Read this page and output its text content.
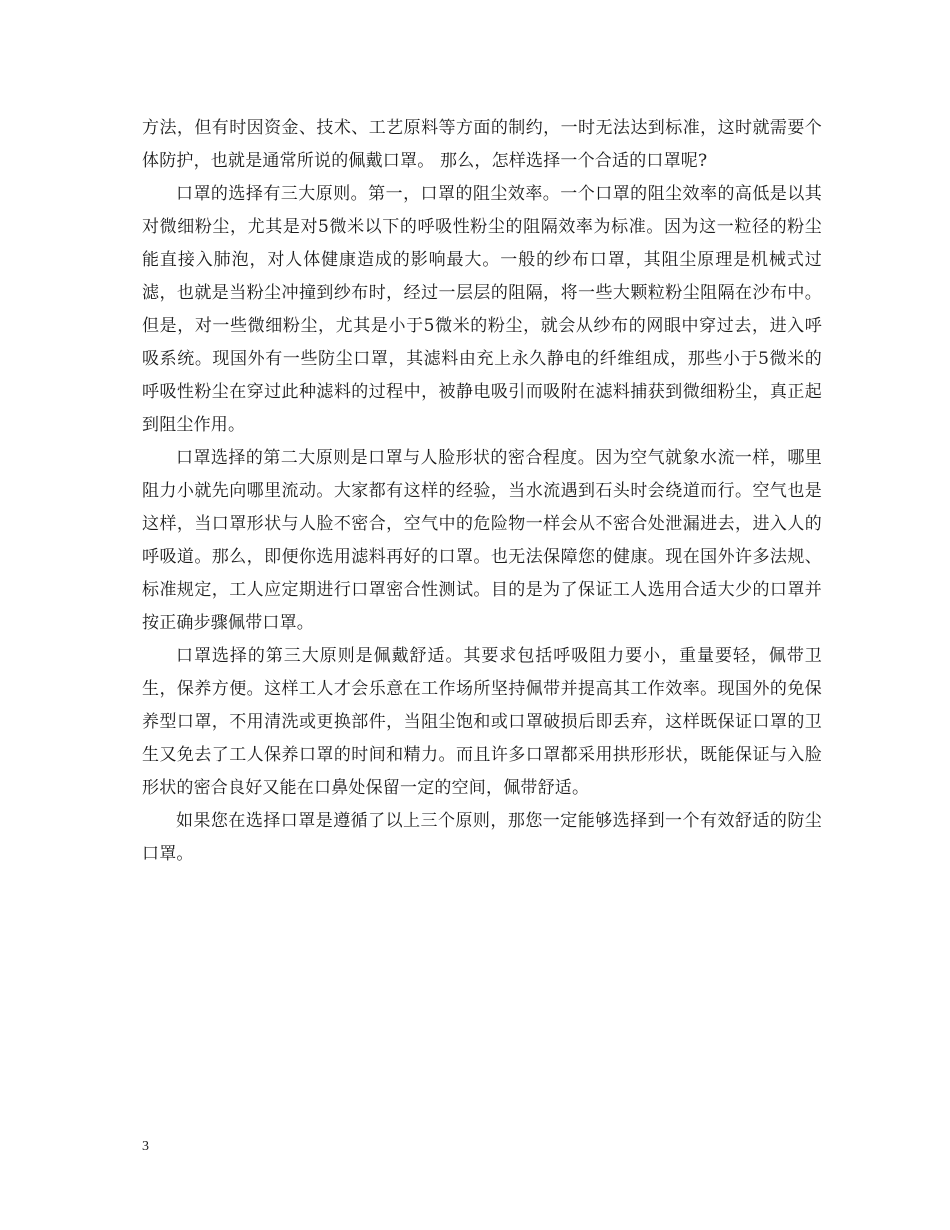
方法，但有时因资金、技术、工艺原料等方面的制约，一时无法达到标准，这时就需要个体防护，也就是通常所说的佩戴口罩。 那么，怎样选择一个合适的口罩呢?

口罩的选择有三大原则。第一，口罩的阻尘效率。一个口罩的阻尘效率的高低是以其对微细粉尘，尤其是对5微米以下的呼吸性粉尘的阻隔效率为标准。因为这一粒径的粉尘能直接入肺泡，对人体健康造成的影响最大。一般的纱布口罩，其阻尘原理是机械式过滤，也就是当粉尘冲撞到纱布时，经过一层层的阻隔，将一些大颗粒粉尘阻隔在沙布中。但是，对一些微细粉尘，尤其是小于5微米的粉尘，就会从纱布的网眼中穿过去，进入呼吸系统。现国外有一些防尘口罩，其滤料由充上永久静电的纤维组成，那些小于5微米的呼吸性粉尘在穿过此种滤料的过程中，被静电吸引而吸附在滤料捕获到微细粉尘，真正起到阻尘作用。

口罩选择的第二大原则是口罩与人脸形状的密合程度。因为空气就象水流一样，哪里阻力小就先向哪里流动。大家都有这样的经验，当水流遇到石头时会绕道而行。空气也是这样，当口罩形状与人脸不密合，空气中的危险物一样会从不密合处泄漏进去，进入人的呼吸道。那么，即便你选用滤料再好的口罩。也无法保障您的健康。现在国外许多法规、标准规定，工人应定期进行口罩密合性测试。目的是为了保证工人选用合适大少的口罩并按正确步骤佩带口罩。

口罩选择的第三大原则是佩戴舒适。其要求包括呼吸阻力要小，重量要轻，佩带卫生，保养方便。这样工人才会乐意在工作场所坚持佩带并提高其工作效率。现国外的免保养型口罩，不用清洗或更换部件，当阻尘饱和或口罩破损后即丢弃，这样既保证口罩的卫生又免去了工人保养口罩的时间和精力。而且许多口罩都采用拱形形状，既能保证与入脸形状的密合良好又能在口鼻处保留一定的空间，佩带舒适。

如果您在选择口罩是遵循了以上三个原则，那您一定能够选择到一个有效舒适的防尘口罩。

3
